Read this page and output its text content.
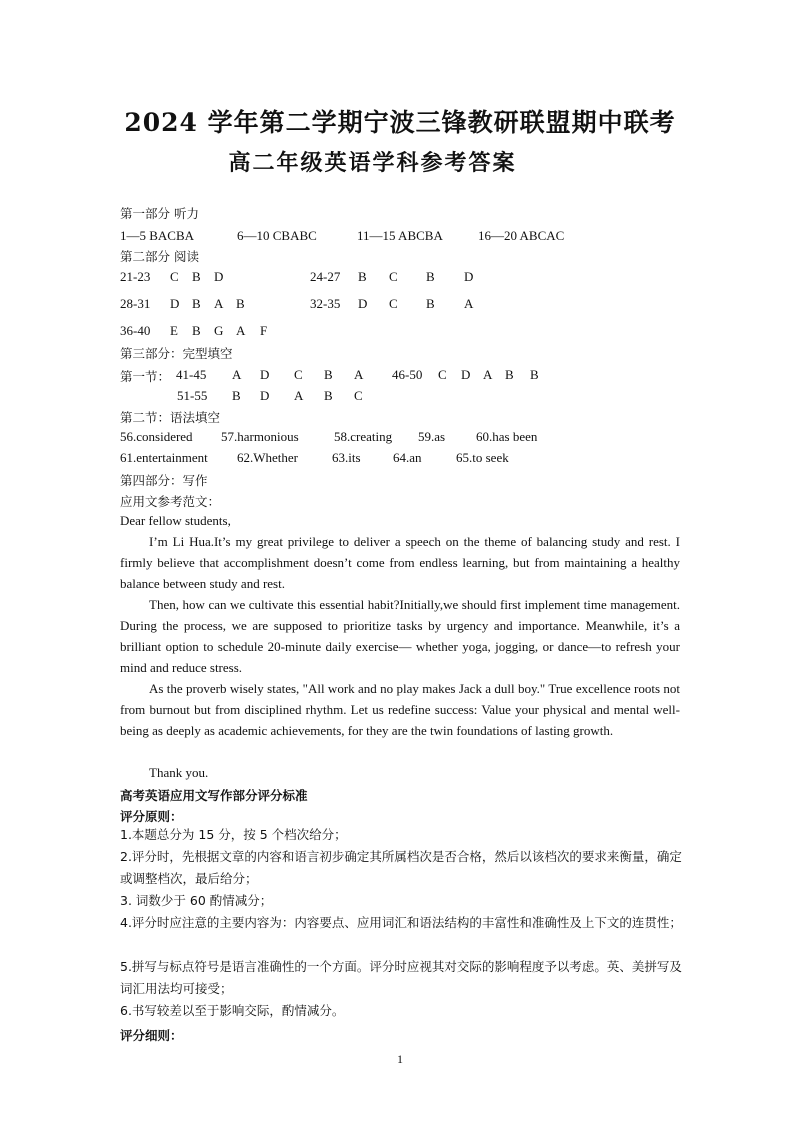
2024 学年第二学期宁波三锋教研联盟期中联考
高二年级英语学科参考答案
第一部分 听力
1—5 BACBA	6—10 CBABC	11—15 ABCBA	16—20 ABCAC
第二部分 阅读
21-23 C B D	24-27 B C B D
28-31 D B A B	32-35 D C B A
36-40 E B G A F
第三部分：完型填空
第一节： 41-45 A D C B A 46-50 C D A B B
51-55 B D A B C
第二节：语法填空
56.considered 57.harmonious	58.creating 59.as 60.has been
61.entertainment 62.Whether	63.its 64.an	65.to seek
第四部分：写作
应用文参考范文：
Dear fellow students,
I’m Li Hua.It’s my great privilege to deliver a speech on the theme of balancing study and rest. I firmly believe that accomplishment doesn’t come from endless learning, but from maintaining a healthy balance between study and rest.
Then, how can we cultivate this essential habit?Initially,we should first implement time management. During the process, we are supposed to prioritize tasks by urgency and importance. Meanwhile, it’s a brilliant option to schedule 20-minute daily exercise— whether yoga, jogging, or dance—to refresh your mind and reduce stress.
As the proverb wisely states, "All work and no play makes Jack a dull boy." True excellence roots not from burnout but from disciplined rhythm. Let us redefine success: Value your physical and mental well-being as deeply as academic achievements, for they are the twin foundations of lasting growth.
Thank you.
高考英语应用文写作部分评分标准
评分原则：
1.本题总分为 15 分，按 5 个档次给分；
2.评分时，先根据文章的内容和语言初步确定其所属档次是否合格，然后以该档次的要求来衡量，确定或调整档次，最后给分；
3. 词数少于 60 酌情减分；
4.评分时应注意的主要内容为：内容要点、应用词汇和语法结构的丰富性和准确性及上下文的连贯性；
5.拼写与标点符号是语言准确性的一个方面。评分时应视其对交际的影响程度予以考虑。英、美拼写及词汇用法均可接受；
6.书写较差以至于影响交际，酌情减分。
评分细则：
1
